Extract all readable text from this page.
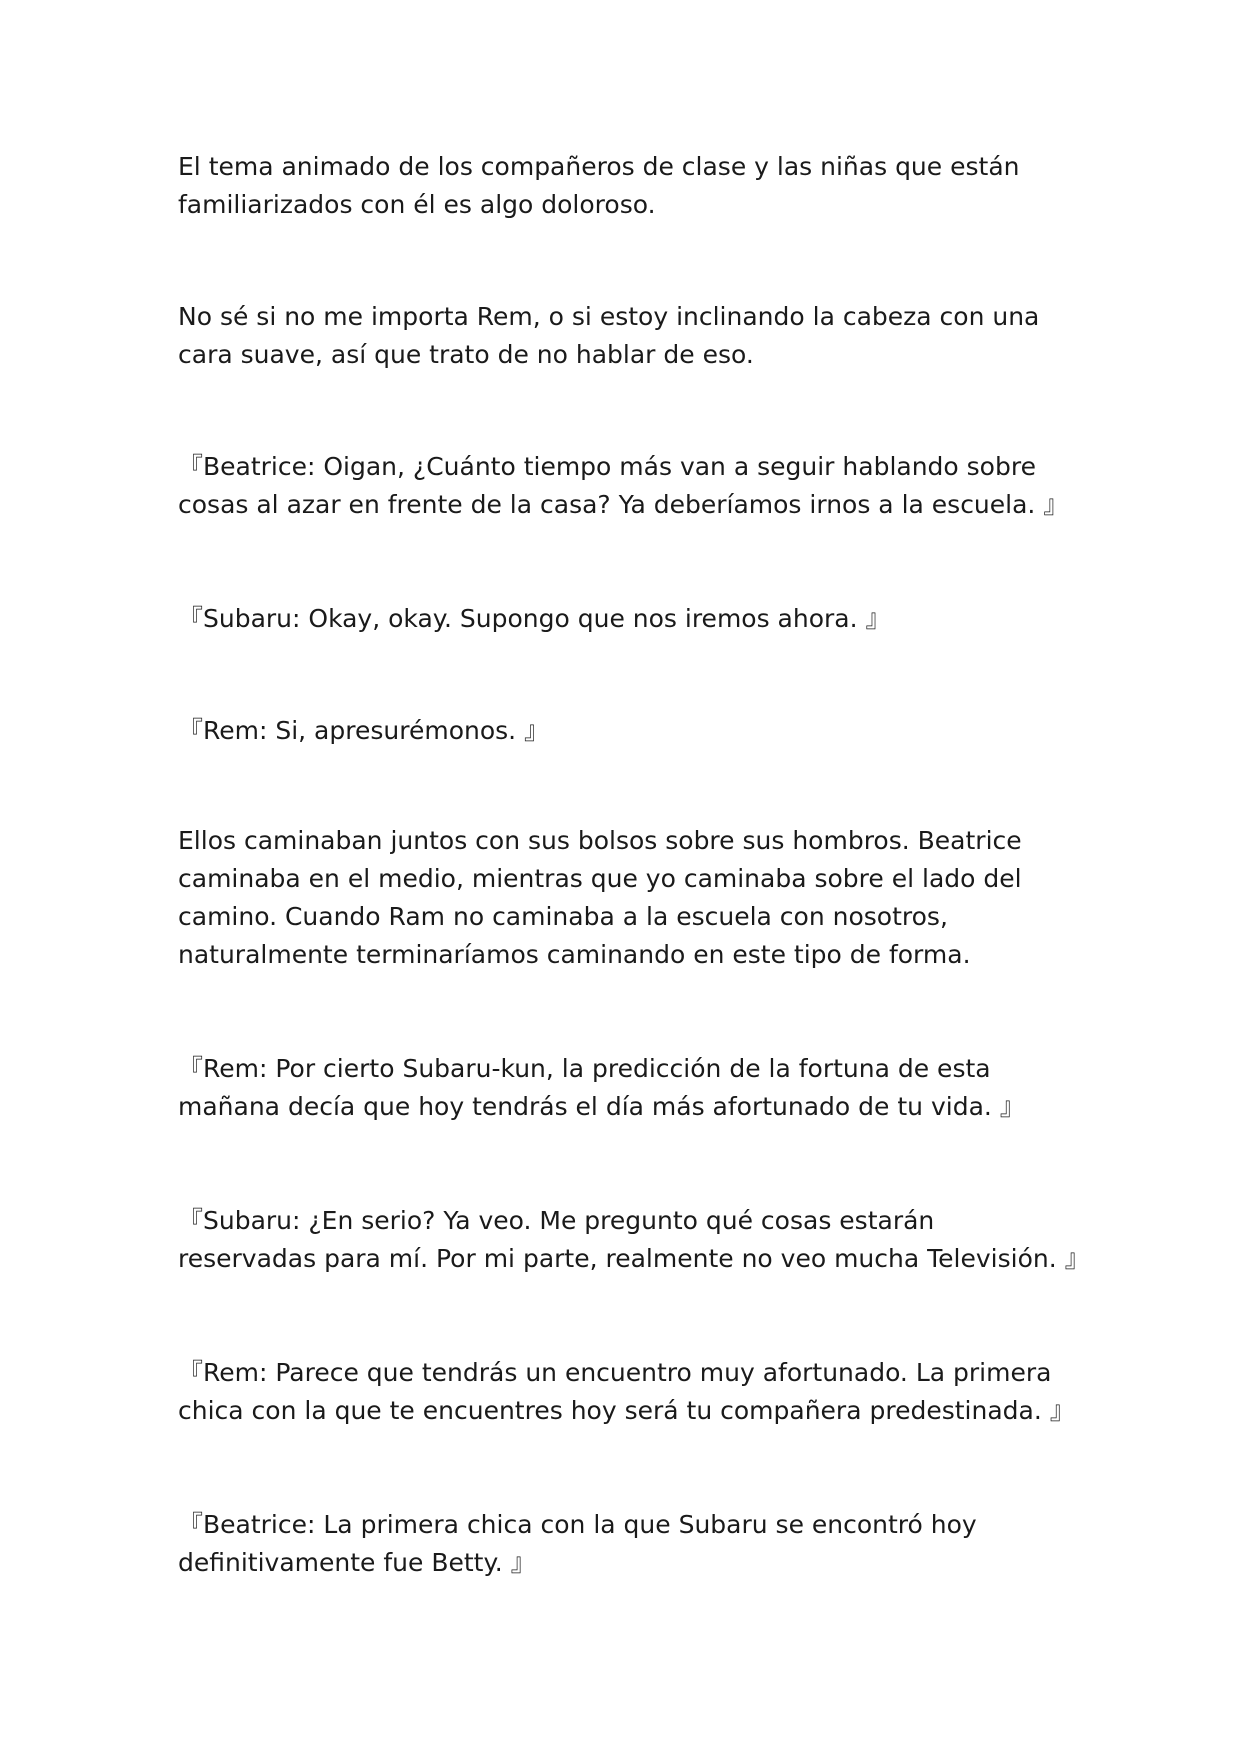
El tema animado de los compañeros de clase y las niñas que están familiarizados con él es algo doloroso.

No sé si no me importa Rem, o si estoy inclinando la cabeza con una cara suave, así que trato de no hablar de eso.

『Beatrice: Oigan, ¿Cuánto tiempo más van a seguir hablando sobre cosas al azar en frente de la casa? Ya deberíamos irnos a la escuela. 』

『Subaru: Okay, okay. Supongo que nos iremos ahora. 』

『Rem: Si, apresurémonos. 』

Ellos caminaban juntos con sus bolsos sobre sus hombros. Beatrice caminaba en el medio, mientras que yo caminaba sobre el lado del camino. Cuando Ram no caminaba a la escuela con nosotros, naturalmente terminaríamos caminando en este tipo de forma.

『Rem: Por cierto Subaru-kun, la predicción de la fortuna de esta mañana decía que hoy tendrás el día más afortunado de tu vida. 』

『Subaru: ¿En serio? Ya veo. Me pregunto qué cosas estarán reservadas para mí. Por mi parte, realmente no veo mucha Televisión. 』

『Rem: Parece que tendrás un encuentro muy afortunado. La primera chica con la que te encuentres hoy será tu compañera predestinada. 』

『Beatrice: La primera chica con la que Subaru se encontró hoy definitivamente fue Betty. 』
